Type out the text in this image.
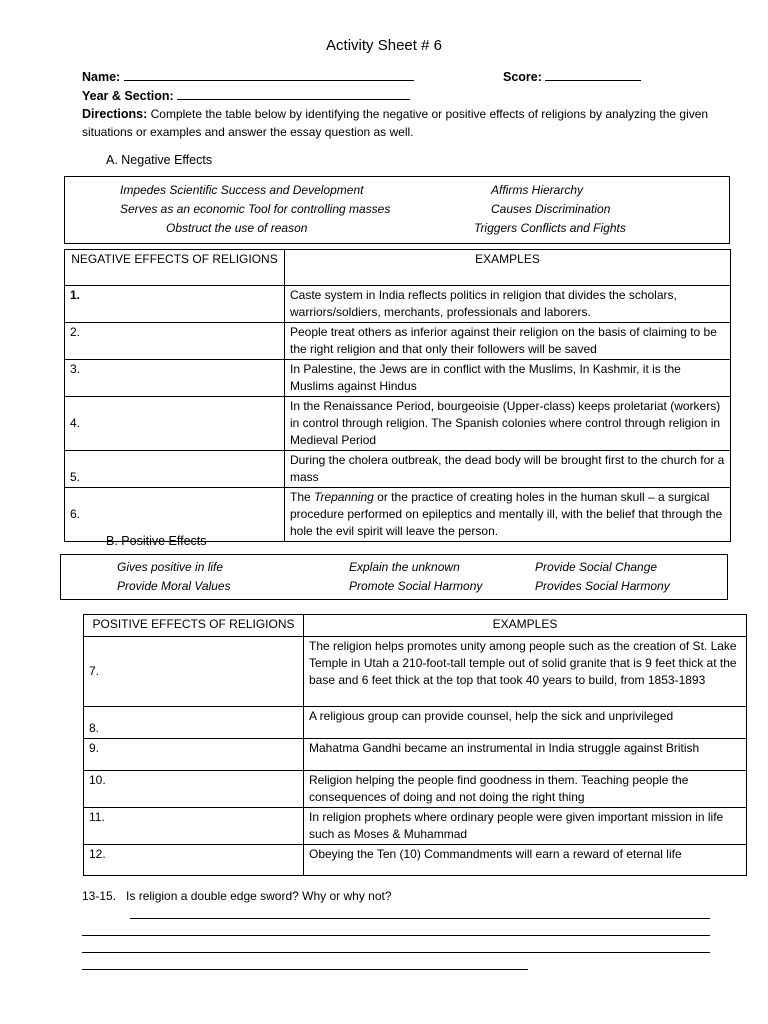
Activity Sheet # 6
Name:	Score:
Year & Section:
Directions: Complete the table below by identifying the negative or positive effects of religions by analyzing the given situations or examples and answer the essay question as well.
A. Negative Effects
Impedes Scientific Success and Development	Affirms Hierarchy
Serves as an economic Tool for controlling masses	Causes Discrimination
Obstruct the use of reason	Triggers Conflicts and Fights
NEGATIVE EFFECTS OF RELIGIONS	EXAMPLES
1.	Caste system in India reflects politics in religion that divides the scholars, warriors/soldiers, merchants, professionals and laborers.
2.	People treat others as inferior against their religion on the basis of claiming to be the right religion and that only their followers will be saved
3.	In Palestine, the Jews are in conflict with the Muslims, In Kashmir, it is the Muslims against Hindus
4.	In the Renaissance Period, bourgeoisie (Upper-class) keeps proletariat (workers) in control through religion. The Spanish colonies where control through religion in Medieval Period
5.	During the cholera outbreak, the dead body will be brought first to the church for a mass
6.	The Trepanning or the practice of creating holes in the human skull – a surgical procedure performed on epileptics and mentally ill, with the belief that through the hole the evil spirit will leave the person.
B. Positive Effects
Gives positive in life	Explain the unknown	Provide Social Change
Provide Moral Values	Promote Social Harmony	Provides Social Harmony
POSITIVE EFFECTS OF RELIGIONS	EXAMPLES
7.	The religion helps promotes unity among people such as the creation of St. Lake Temple in Utah a 210-foot-tall temple out of solid granite that is 9 feet thick at the base and 6 feet thick at the top that took 40 years to build, from 1853-1893
8.	A religious group can provide counsel, help the sick and unprivileged
9.	Mahatma Gandhi became an instrumental in India struggle against British
10.	Religion helping the people find goodness in them. Teaching people the consequences of doing and not doing the right thing
11.	In religion prophets where ordinary people were given important mission in life such as Moses & Muhammad
12.	Obeying the Ten (10) Commandments will earn a reward of eternal life
13-15. Is religion a double edge sword? Why or why not?
